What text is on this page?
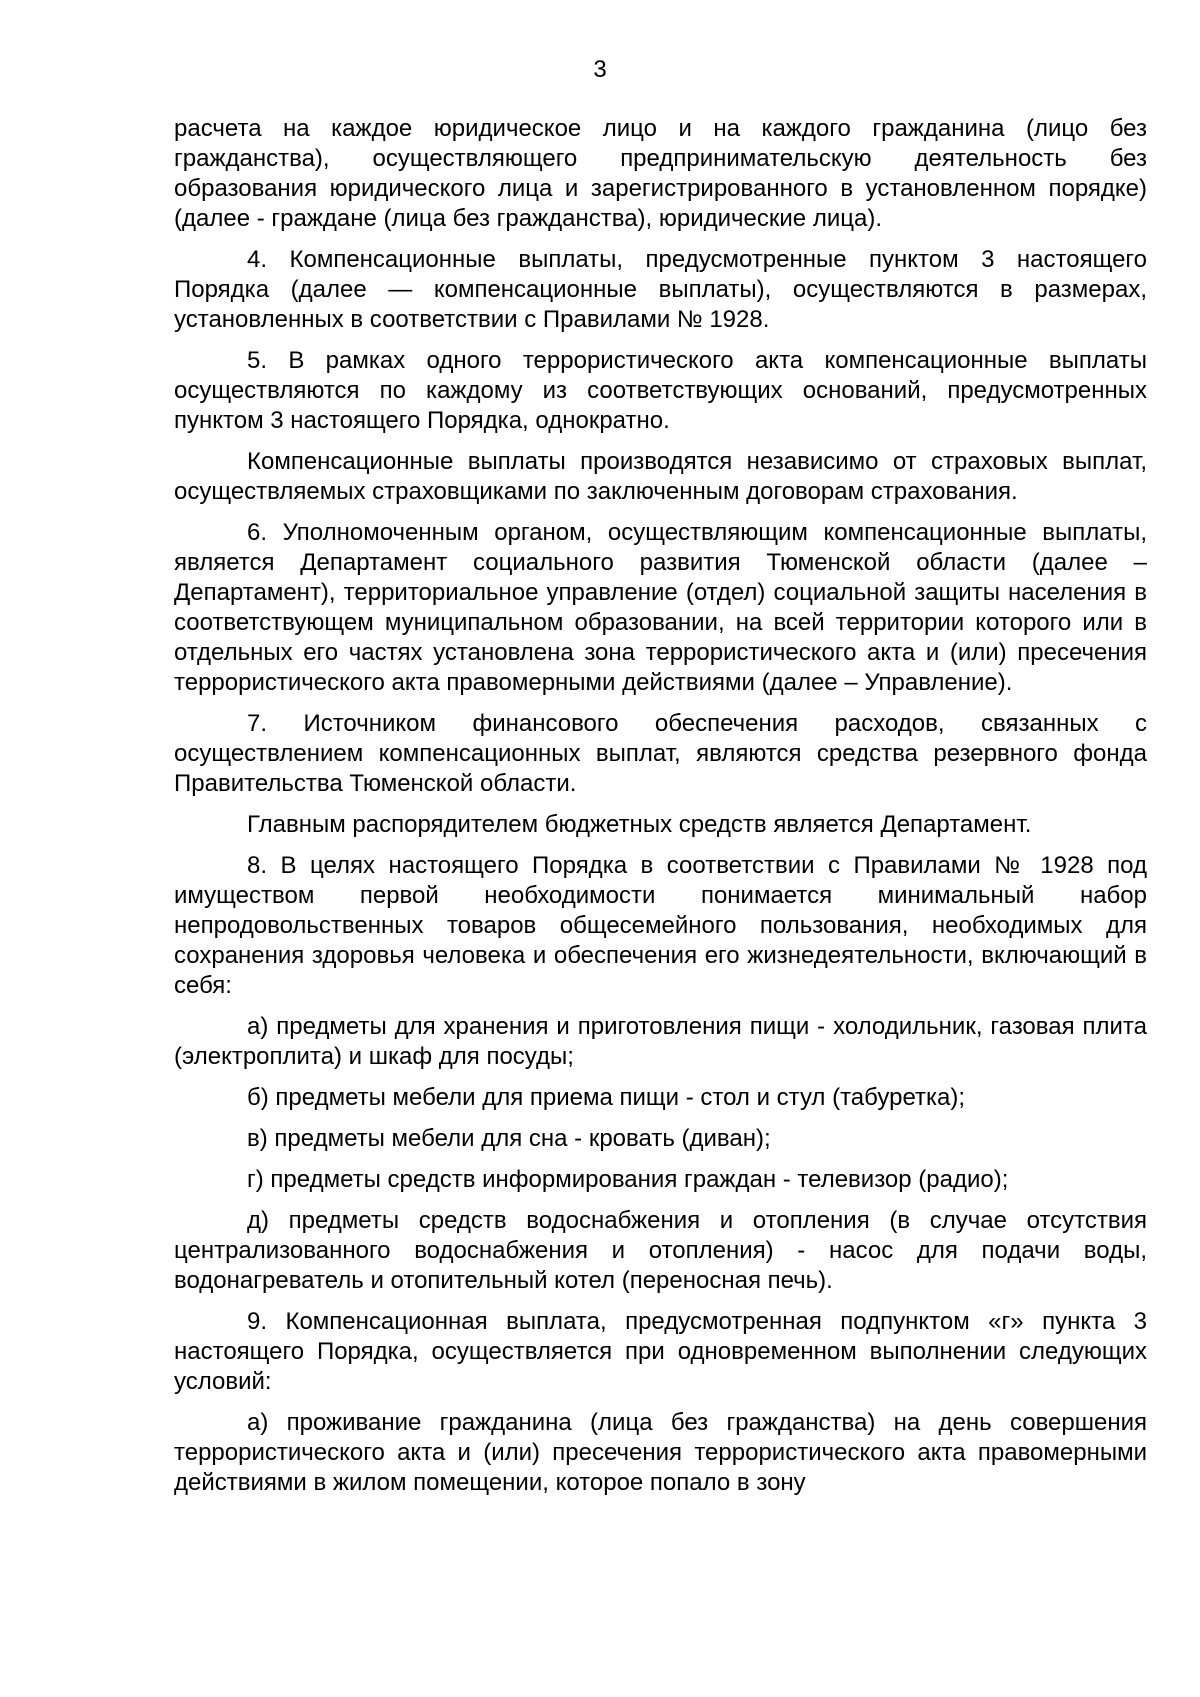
3

расчета на каждое юридическое лицо и на каждого гражданина (лицо без гражданства), осуществляющего предпринимательскую деятельность без образования юридического лица и зарегистрированного в установленном порядке) (далее - граждане (лица без гражданства), юридические лица).

4. Компенсационные выплаты, предусмотренные пунктом 3 настоящего Порядка (далее — компенсационные выплаты), осуществляются в размерах, установленных в соответствии с Правилами № 1928.

5. В рамках одного террористического акта компенсационные выплаты осуществляются по каждому из соответствующих оснований, предусмотренных пунктом 3 настоящего Порядка, однократно.

Компенсационные выплаты производятся независимо от страховых выплат, осуществляемых страховщиками по заключенным договорам страхования.

6. Уполномоченным органом, осуществляющим компенсационные выплаты, является Департамент социального развития Тюменской области (далее – Департамент), территориальное управление (отдел) социальной защиты населения в соответствующем муниципальном образовании, на всей территории которого или в отдельных его частях установлена зона террористического акта и (или) пресечения террористического акта правомерными действиями (далее – Управление).

7. Источником финансового обеспечения расходов, связанных с осуществлением компенсационных выплат, являются средства резервного фонда Правительства Тюменской области.

Главным распорядителем бюджетных средств является Департамент.

8. В целях настоящего Порядка в соответствии с Правилами № 1928 под имуществом первой необходимости понимается минимальный набор непродовольственных товаров общесемейного пользования, необходимых для сохранения здоровья человека и обеспечения его жизнедеятельности, включающий в себя:

а) предметы для хранения и приготовления пищи - холодильник, газовая плита (электроплита) и шкаф для посуды;

б) предметы мебели для приема пищи - стол и стул (табуретка);

в) предметы мебели для сна - кровать (диван);

г) предметы средств информирования граждан - телевизор (радио);

д) предметы средств водоснабжения и отопления (в случае отсутствия централизованного водоснабжения и отопления) - насос для подачи воды, водонагреватель и отопительный котел (переносная печь).

9. Компенсационная выплата, предусмотренная подпунктом «г» пункта 3 настоящего Порядка, осуществляется при одновременном выполнении следующих условий:

а) проживание гражданина (лица без гражданства) на день совершения террористического акта и (или) пресечения террористического акта правомерными действиями в жилом помещении, которое попало в зону
